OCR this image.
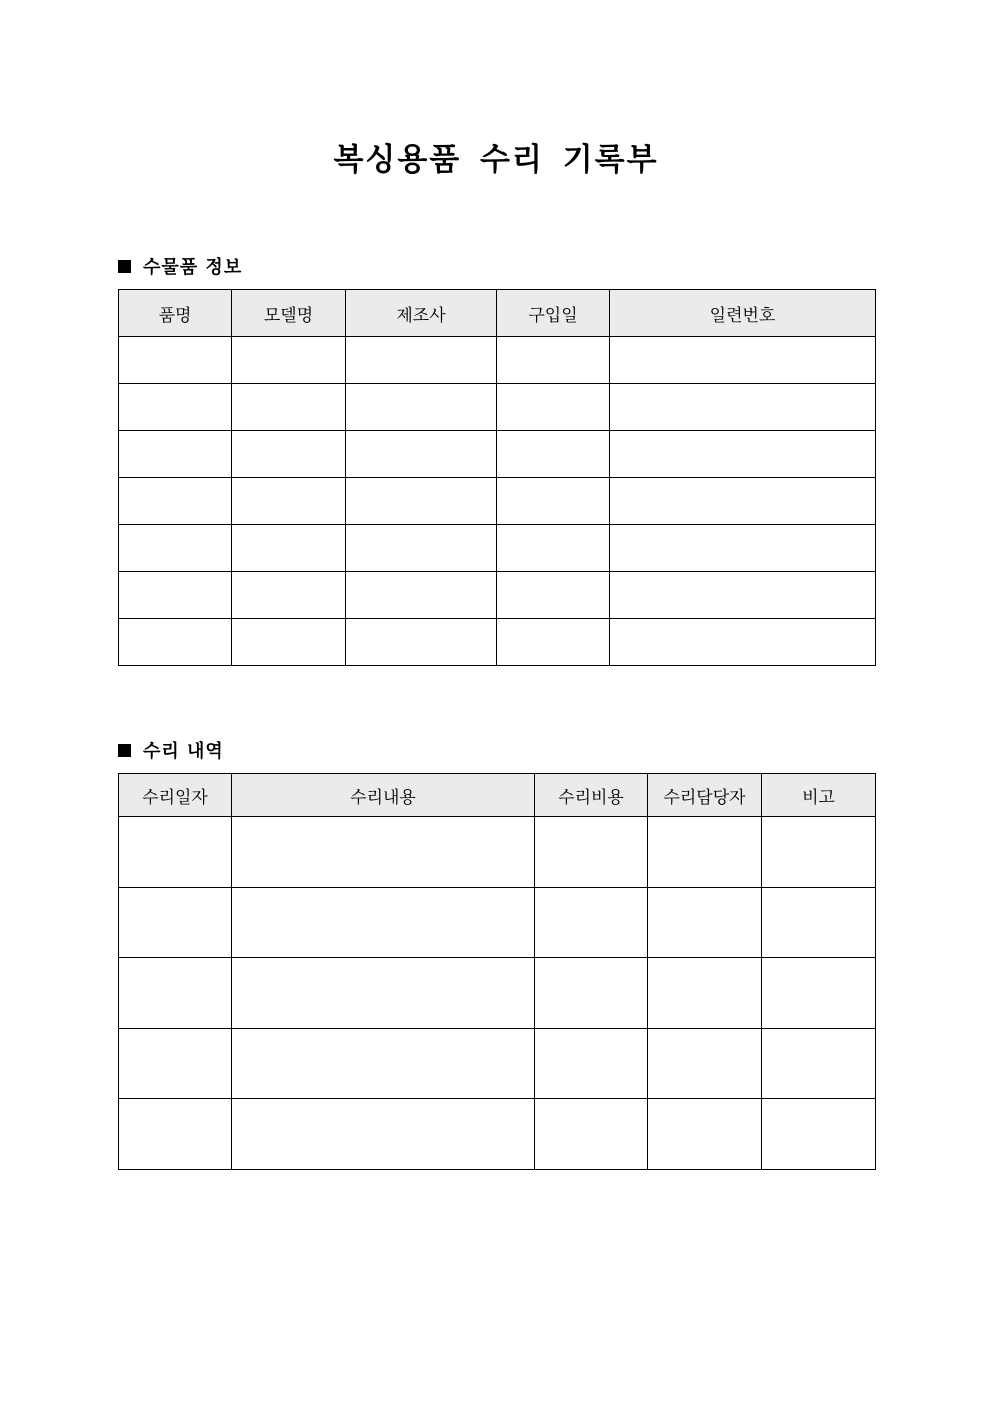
복싱용품 수리 기록부
수물품 정보
품명	모델명	제조사	구입일	일련번호

수리 내역
수리일자	수리내용	수리비용	수리담당자	비고
